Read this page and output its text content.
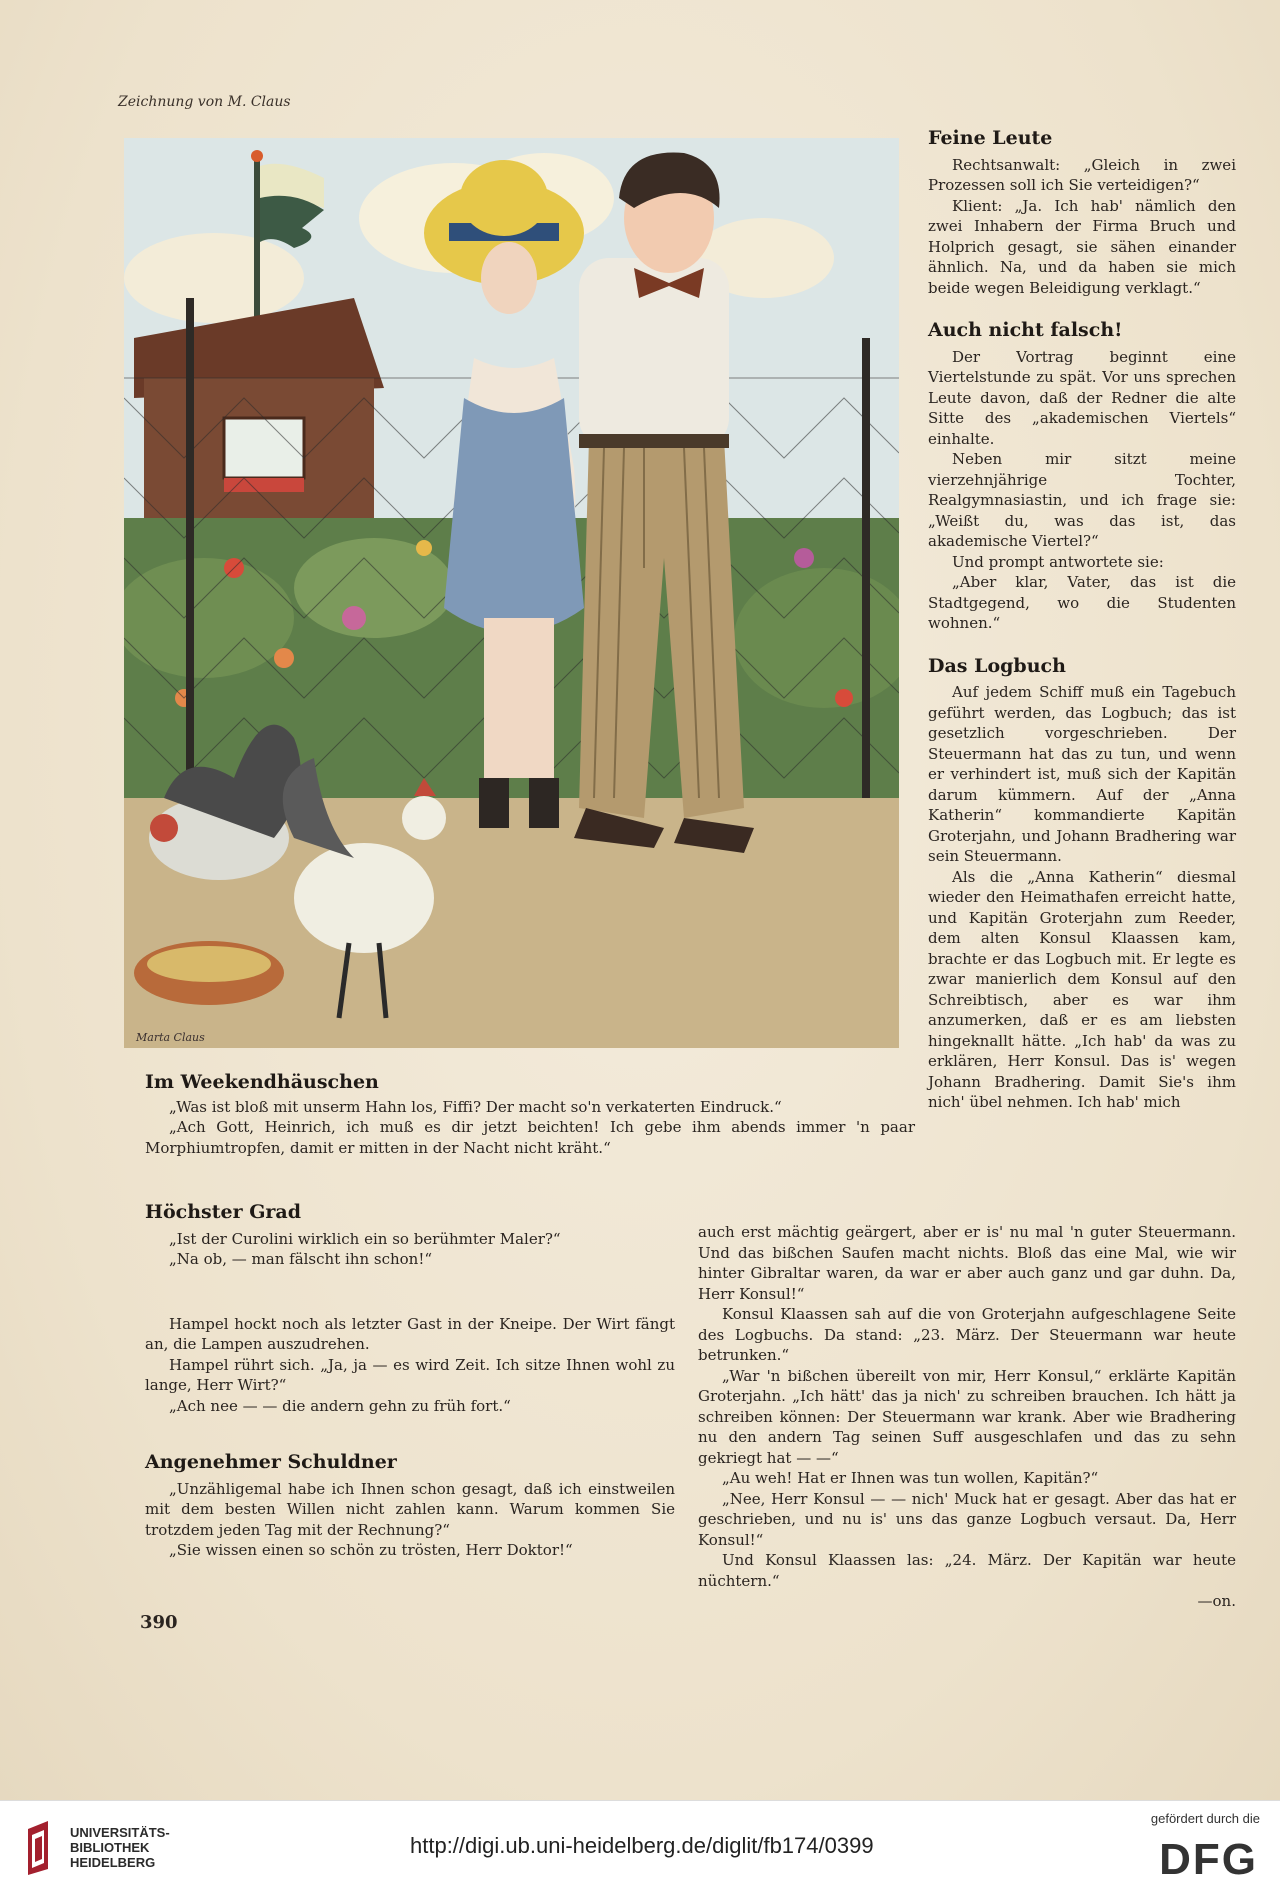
Zeichnung von M. Claus
Marta Claus
Feine Leute

Rechtsanwalt: „Gleich in zwei Prozessen soll ich Sie verteidigen?“

Klient: „Ja. Ich hab' nämlich den zwei Inhabern der Firma Bruch und Holprich gesagt, sie sähen einander ähnlich. Na, und da haben sie mich beide wegen Beleidigung verklagt.“

Auch nicht falsch!

Der Vortrag beginnt eine Viertelstunde zu spät. Vor uns sprechen Leute davon, daß der Redner die alte Sitte des „akademischen Viertels“ einhalte.

Neben mir sitzt meine vierzehnjährige Tochter, Realgymnasiastin, und ich frage sie: „Weißt du, was das ist, das akademische Viertel?“

Und prompt antwortete sie:

„Aber klar, Vater, das ist die Stadtgegend, wo die Studenten wohnen.“

Das Logbuch

Auf jedem Schiff muß ein Tagebuch geführt werden, das Logbuch; das ist gesetzlich vorgeschrieben. Der Steuermann hat das zu tun, und wenn er verhindert ist, muß sich der Kapitän darum kümmern. Auf der „Anna Katherin“ kommandierte Kapitän Groterjahn, und Johann Bradhering war sein Steuermann.

Als die „Anna Katherin“ diesmal wieder den Heimathafen erreicht hatte, und Kapitän Groterjahn zum Reeder, dem alten Konsul Klaassen kam, brachte er das Logbuch mit. Er legte es zwar manierlich dem Konsul auf den Schreibtisch, aber es war ihm anzumerken, daß er es am liebsten hingeknallt hätte. „Ich hab' da was zu erklären, Herr Konsul. Das is' wegen Johann Bradhering. Damit Sie's ihm nich' übel nehmen. Ich hab' mich

Im Weekendhäuschen

„Was ist bloß mit unserm Hahn los, Fiffi? Der macht so'n verkaterten Eindruck.“

„Ach Gott, Heinrich, ich muß es dir jetzt beichten! Ich gebe ihm abends immer 'n paar Morphiumtropfen, damit er mitten in der Nacht nicht kräht.“

Höchster Grad

„Ist der Curolini wirklich ein so berühmter Maler?“

„Na ob, — man fälscht ihn schon!“

Hampel hockt noch als letzter Gast in der Kneipe. Der Wirt fängt an, die Lampen auszudrehen.

Hampel rührt sich. „Ja, ja — es wird Zeit. Ich sitze Ihnen wohl zu lange, Herr Wirt?“

„Ach nee — — die andern gehn zu früh fort.“

Angenehmer Schuldner

„Unzähligemal habe ich Ihnen schon gesagt, daß ich einstweilen mit dem besten Willen nicht zahlen kann. Warum kommen Sie trotzdem jeden Tag mit der Rechnung?“

„Sie wissen einen so schön zu trösten, Herr Doktor!“

auch erst mächtig geärgert, aber er is' nu mal 'n guter Steuermann. Und das bißchen Saufen macht nichts. Bloß das eine Mal, wie wir hinter Gibraltar waren, da war er aber auch ganz und gar duhn. Da, Herr Konsul!“

Konsul Klaassen sah auf die von Groterjahn aufgeschlagene Seite des Logbuchs. Da stand: „23. März. Der Steuermann war heute betrunken.“

„War 'n bißchen übereilt von mir, Herr Konsul,“ erklärte Kapitän Groterjahn. „Ich hätt' das ja nich' zu schreiben brauchen. Ich hätt ja schreiben können: Der Steuermann war krank. Aber wie Bradhering nu den andern Tag seinen Suff ausgeschlafen und das zu sehn gekriegt hat — —“

„Au weh! Hat er Ihnen was tun wollen, Kapitän?“

„Nee, Herr Konsul — — nich' Muck hat er gesagt. Aber das hat er geschrieben, und nu is' uns das ganze Logbuch versaut. Da, Herr Konsul!“

Und Konsul Klaassen las: „24. März. Der Kapitän war heute nüchtern.“

—on.
390
UNIVERSITÄTS-
BIBLIOTHEK
HEIDELBERG
http://digi.ub.uni-heidelberg.de/diglit/fb174/0399
gefördert durch die
DFG
